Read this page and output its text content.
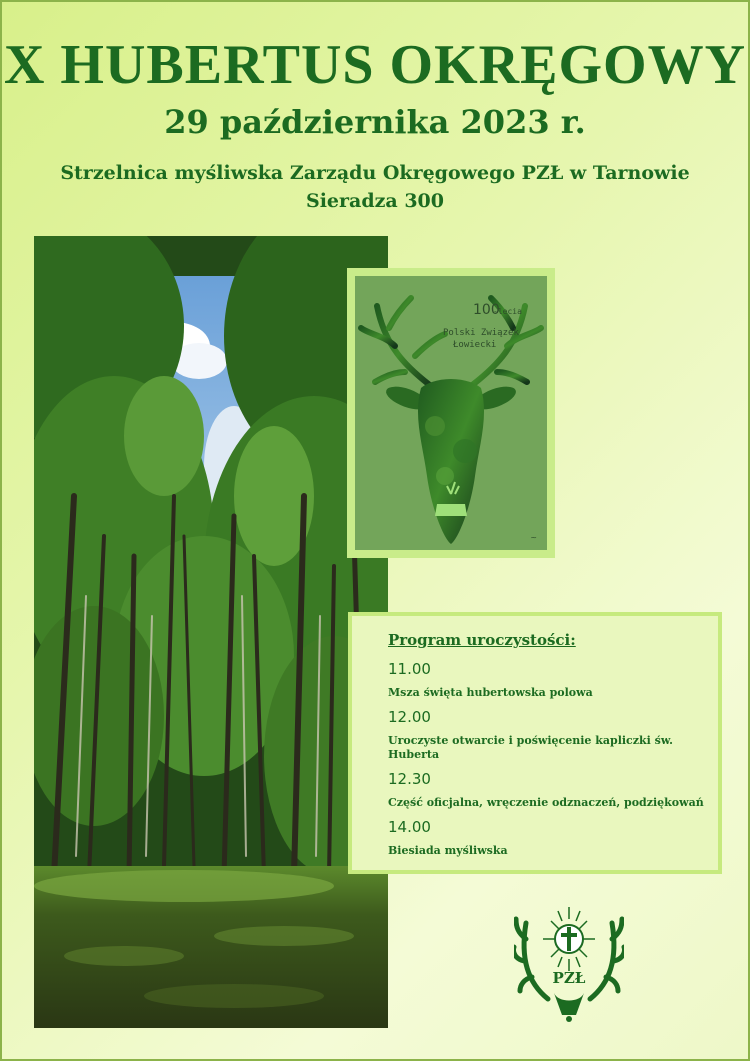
X HUBERTUS OKRĘGOWY
29 października 2023 r.
Strzelnica myśliwska Zarządu Okręgowego PZŁ w Tarnowie
Sieradza 300
100
-lecia
Polski Związek
Łowiecki
~
Program uroczystości:
11.00
Msza święta hubertowska polowa
12.00
Uroczyste otwarcie i poświęcenie kapliczki św. Huberta
12.30
Część oficjalna, wręczenie odznaczeń, podziękowań
14.00
Biesiada myśliwska
PZŁ
